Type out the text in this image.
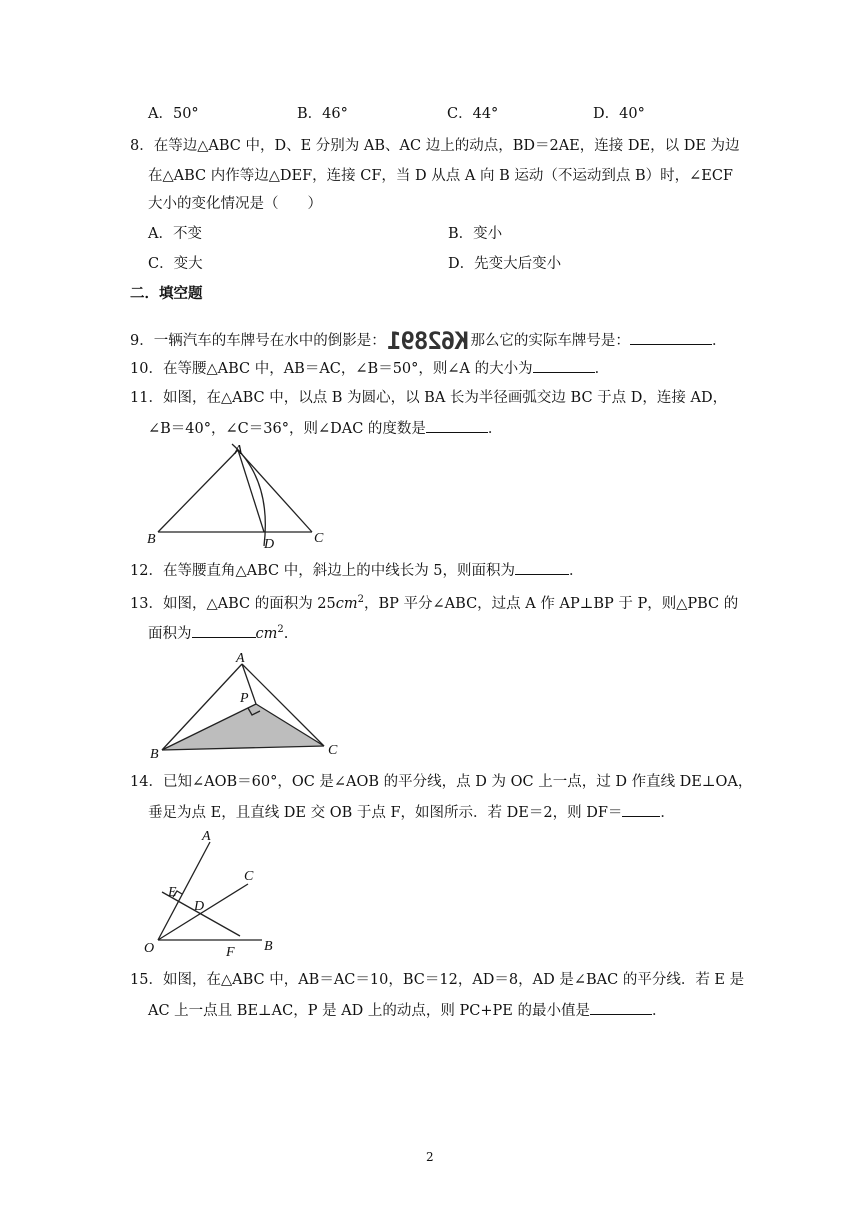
A．50°	B．46°	C．44°	D．40°
8．在等边△ABC 中，D、E 分别为 AB、AC 边上的动点，BD＝2AE，连接 DE，以 DE 为边
在△ABC 内作等边△DEF，连接 CF，当 D 从点 A 向 B 运动（不运动到点 B）时，∠ECF
大小的变化情况是（　　）
A．不变	B．变小
C．变大	D．先变大后变小
二．填空题
9．一辆汽车的车牌号在水中的倒影是：K62891 那么它的实际车牌号是：	．
10．在等腰△ABC 中，AB＝AC，∠B＝50°，则∠A 的大小为	．
11．如图，在△ABC 中，以点 B 为圆心，以 BA 长为半径画弧交边 BC 于点 D，连接 AD，
∠B＝40°，∠C＝36°，则∠DAC 的度数是	．
A
B	C
D
12．在等腰直角△ABC 中，斜边上的中线长为 5，则面积为	．
13．如图，△ABC 的面积为 $25cm^2$，BP 平分∠ABC，过点 A 作 AP⊥BP 于 P，则△PBC 的
面积为	$cm^2$.
A
B	C
P
14．已知∠AOB＝60°，OC 是∠AOB 的平分线，点 D 为 OC 上一点，过 D 作直线 DE⊥OA，
垂足为点 E，且直线 DE 交 OB 于点 F，如图所示．若 DE＝2，则 DF＝	．
A
B
C
D
E
F
O
15．如图，在△ABC 中，AB＝AC＝10，BC＝12，AD＝8，AD 是∠BAC 的平分线．若 E 是
AC 上一点且 BE⊥AC，P 是 AD 上的动点，则 PC+PE 的最小值是	．
2
